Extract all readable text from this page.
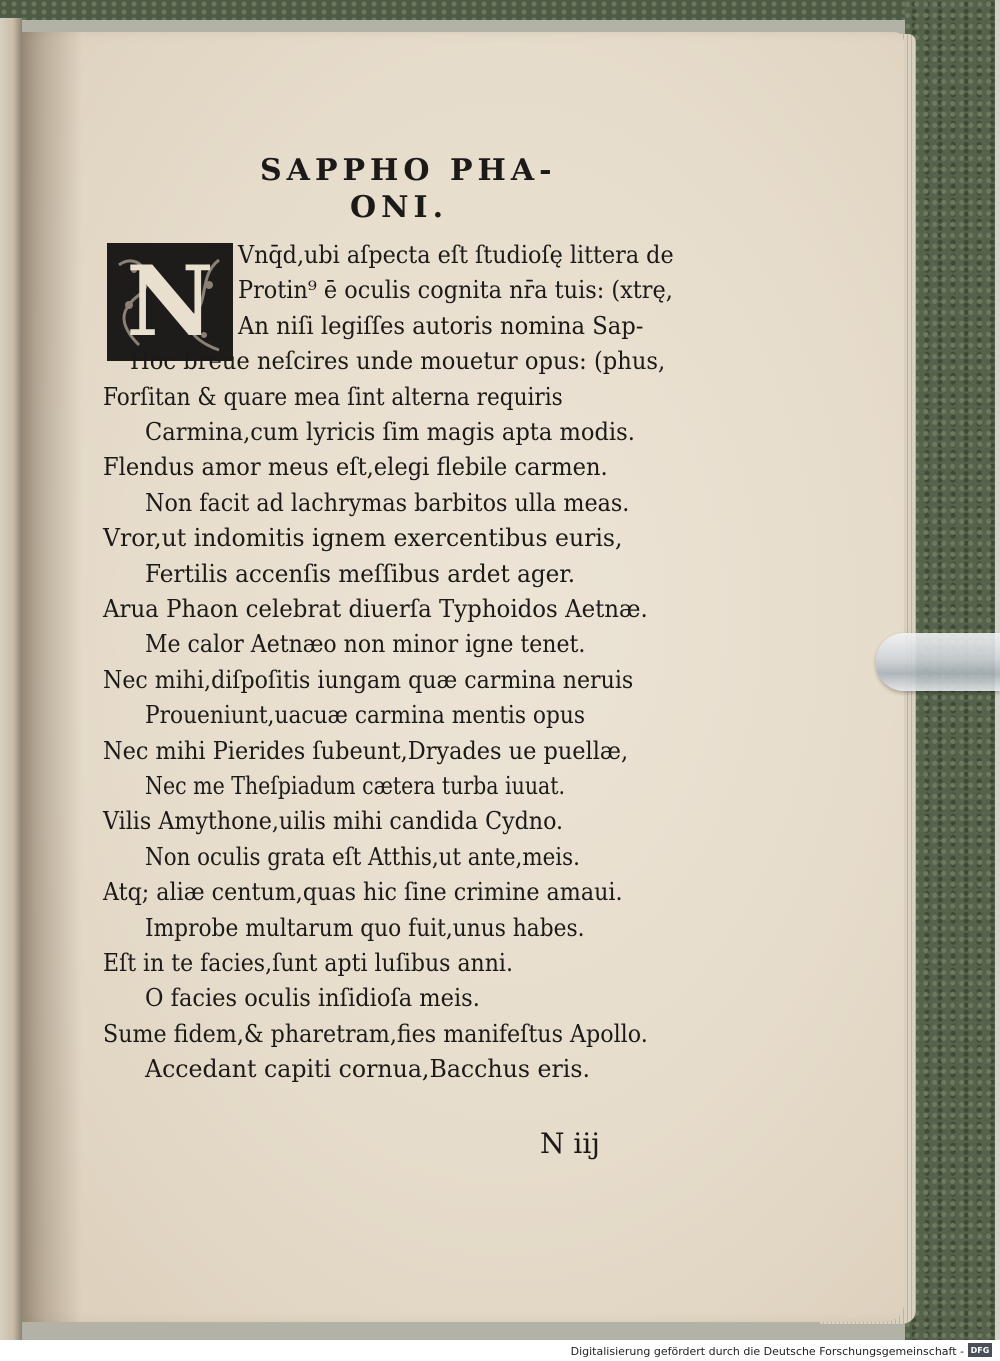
SAPPHO PHA-
ONI.
N	Vnq̄d,ubi aſpecta eſt ſtudioſę littera de
Protin⁹ ē oculis cognita nr̄a tuis: (xtrę,
An niſi legiſſes autoris nomina Sap-
Hoc breue neſcires unde mouetur opus: (phus,
Forſitan & quare mea ſint alterna requiris
Carmina,cum lyricis ſim magis apta modis.
Flendus amor meus eſt,elegi flebile carmen.
Non facit ad lachrymas barbitos ulla meas.
Vror,ut indomitis ignem exercentibus euris,
Fertilis accenſis meſſibus ardet ager.
Arua Phaon celebrat diuerſa Typhoidos Aetnæ.
Me calor Aetnæo non minor igne tenet.
Nec mihi,diſpoſitis iungam quæ carmina neruis
Proueniunt,uacuæ carmina mentis opus
Nec mihi Pierides ſubeunt,Dryades ue puellæ,
Nec me Theſpiadum cætera turba iuuat.
Vilis Amythone,uilis mihi candida Cydno.
Non oculis grata eſt Atthis,ut ante,meis.
Atq; aliæ centum,quas hic ſine crimine amaui.
Improbe multarum quo fuit,unus habes.
Eſt in te facies,ſunt apti luſibus anni.
O facies oculis inſidioſa meis.
Sume fidem,& pharetram,fies manifeſtus Apollo.
Accedant capiti cornua,Bacchus eris.
N iij
Digitalisierung gefördert durch die Deutsche Forschungsgemeinschaft - DFG
